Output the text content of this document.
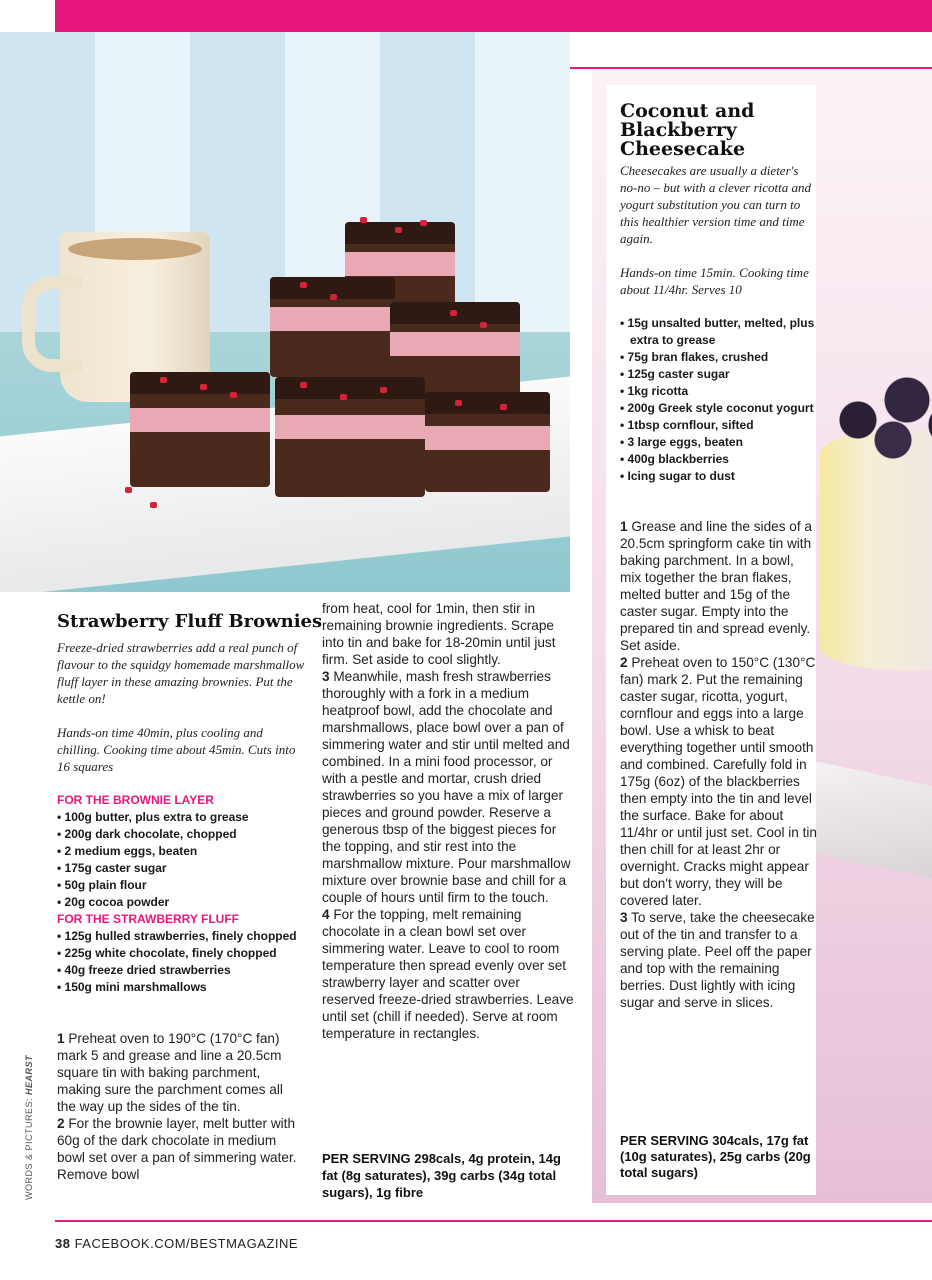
Coconut and Blackberry Cheesecake
Cheesecakes are usually a dieter's no-no – but with a clever ricotta and yogurt substitution you can turn to this healthier version time and time again.
Hands-on time 15min. Cooking time about 11/4hr. Serves 10
• 15g unsalted butter, melted, plus extra to grease
• 75g bran flakes, crushed
• 125g caster sugar
• 1kg ricotta
• 200g Greek style coconut yogurt
• 1tbsp cornflour, sifted
• 3 large eggs, beaten
• 400g blackberries
• Icing sugar to dust

1 Grease and line the sides of a 20.5cm springform cake tin with baking parchment. In a bowl, mix together the bran flakes, melted butter and 15g of the caster sugar. Empty into the prepared tin and spread evenly. Set aside.

2 Preheat oven to 150°C (130°C fan) mark 2. Put the remaining caster sugar, ricotta, yogurt, cornflour and eggs into a large bowl. Use a whisk to beat everything together until smooth and combined. Carefully fold in 175g (6oz) of the blackberries then empty into the tin and level the surface. Bake for about 11/4hr or until just set. Cool in tin then chill for at least 2hr or overnight. Cracks might appear but don't worry, they will be covered later.

3 To serve, take the cheesecake out of the tin and transfer to a serving plate. Peel off the paper and top with the remaining berries. Dust lightly with icing sugar and serve in slices.

PER SERVING 304cals, 17g fat (10g saturates), 25g carbs (20g total sugars)
Strawberry Fluff Brownies
Freeze-dried strawberries add a real punch of flavour to the squidgy homemade marshmallow fluff layer in these amazing brownies. Put the kettle on!
Hands-on time 40min, plus cooling and chilling. Cooking time about 45min. Cuts into 16 squares
FOR THE BROWNIE LAYER
• 100g butter, plus extra to grease
• 200g dark chocolate, chopped
• 2 medium eggs, beaten
• 175g caster sugar
• 50g plain flour
• 20g cocoa powder
FOR THE STRAWBERRY FLUFF
• 125g hulled strawberries, finely chopped
• 225g white chocolate, finely chopped
• 40g freeze dried strawberries
• 150g mini marshmallows

1 Preheat oven to 190°C (170°C fan) mark 5 and grease and line a 20.5cm square tin with baking parchment, making sure the parchment comes all the way up the sides of the tin.

2 For the brownie layer, melt butter with 60g of the dark chocolate in medium bowl set over a pan of simmering water. Remove bowl

from heat, cool for 1min, then stir in remaining brownie ingredients. Scrape into tin and bake for 18-20min until just firm. Set aside to cool slightly.

3 Meanwhile, mash fresh strawberries thoroughly with a fork in a medium heatproof bowl, add the chocolate and marshmallows, place bowl over a pan of simmering water and stir until melted and combined. In a mini food processor, or with a pestle and mortar, crush dried strawberries so you have a mix of larger pieces and ground powder. Reserve a generous tbsp of the biggest pieces for the topping, and stir rest into the marshmallow mixture. Pour marshmallow mixture over brownie base and chill for a couple of hours until firm to the touch.

4 For the topping, melt remaining chocolate in a clean bowl set over simmering water. Leave to cool to room temperature then spread evenly over set strawberry layer and scatter over reserved freeze-dried strawberries. Leave until set (chill if needed). Serve at room temperature in rectangles.

PER SERVING 298cals, 4g protein, 14g fat (8g saturates), 39g carbs (34g total sugars), 1g fibre
WORDS & PICTURES: HEARST
38 FACEBOOK.COM/BESTMAGAZINE
